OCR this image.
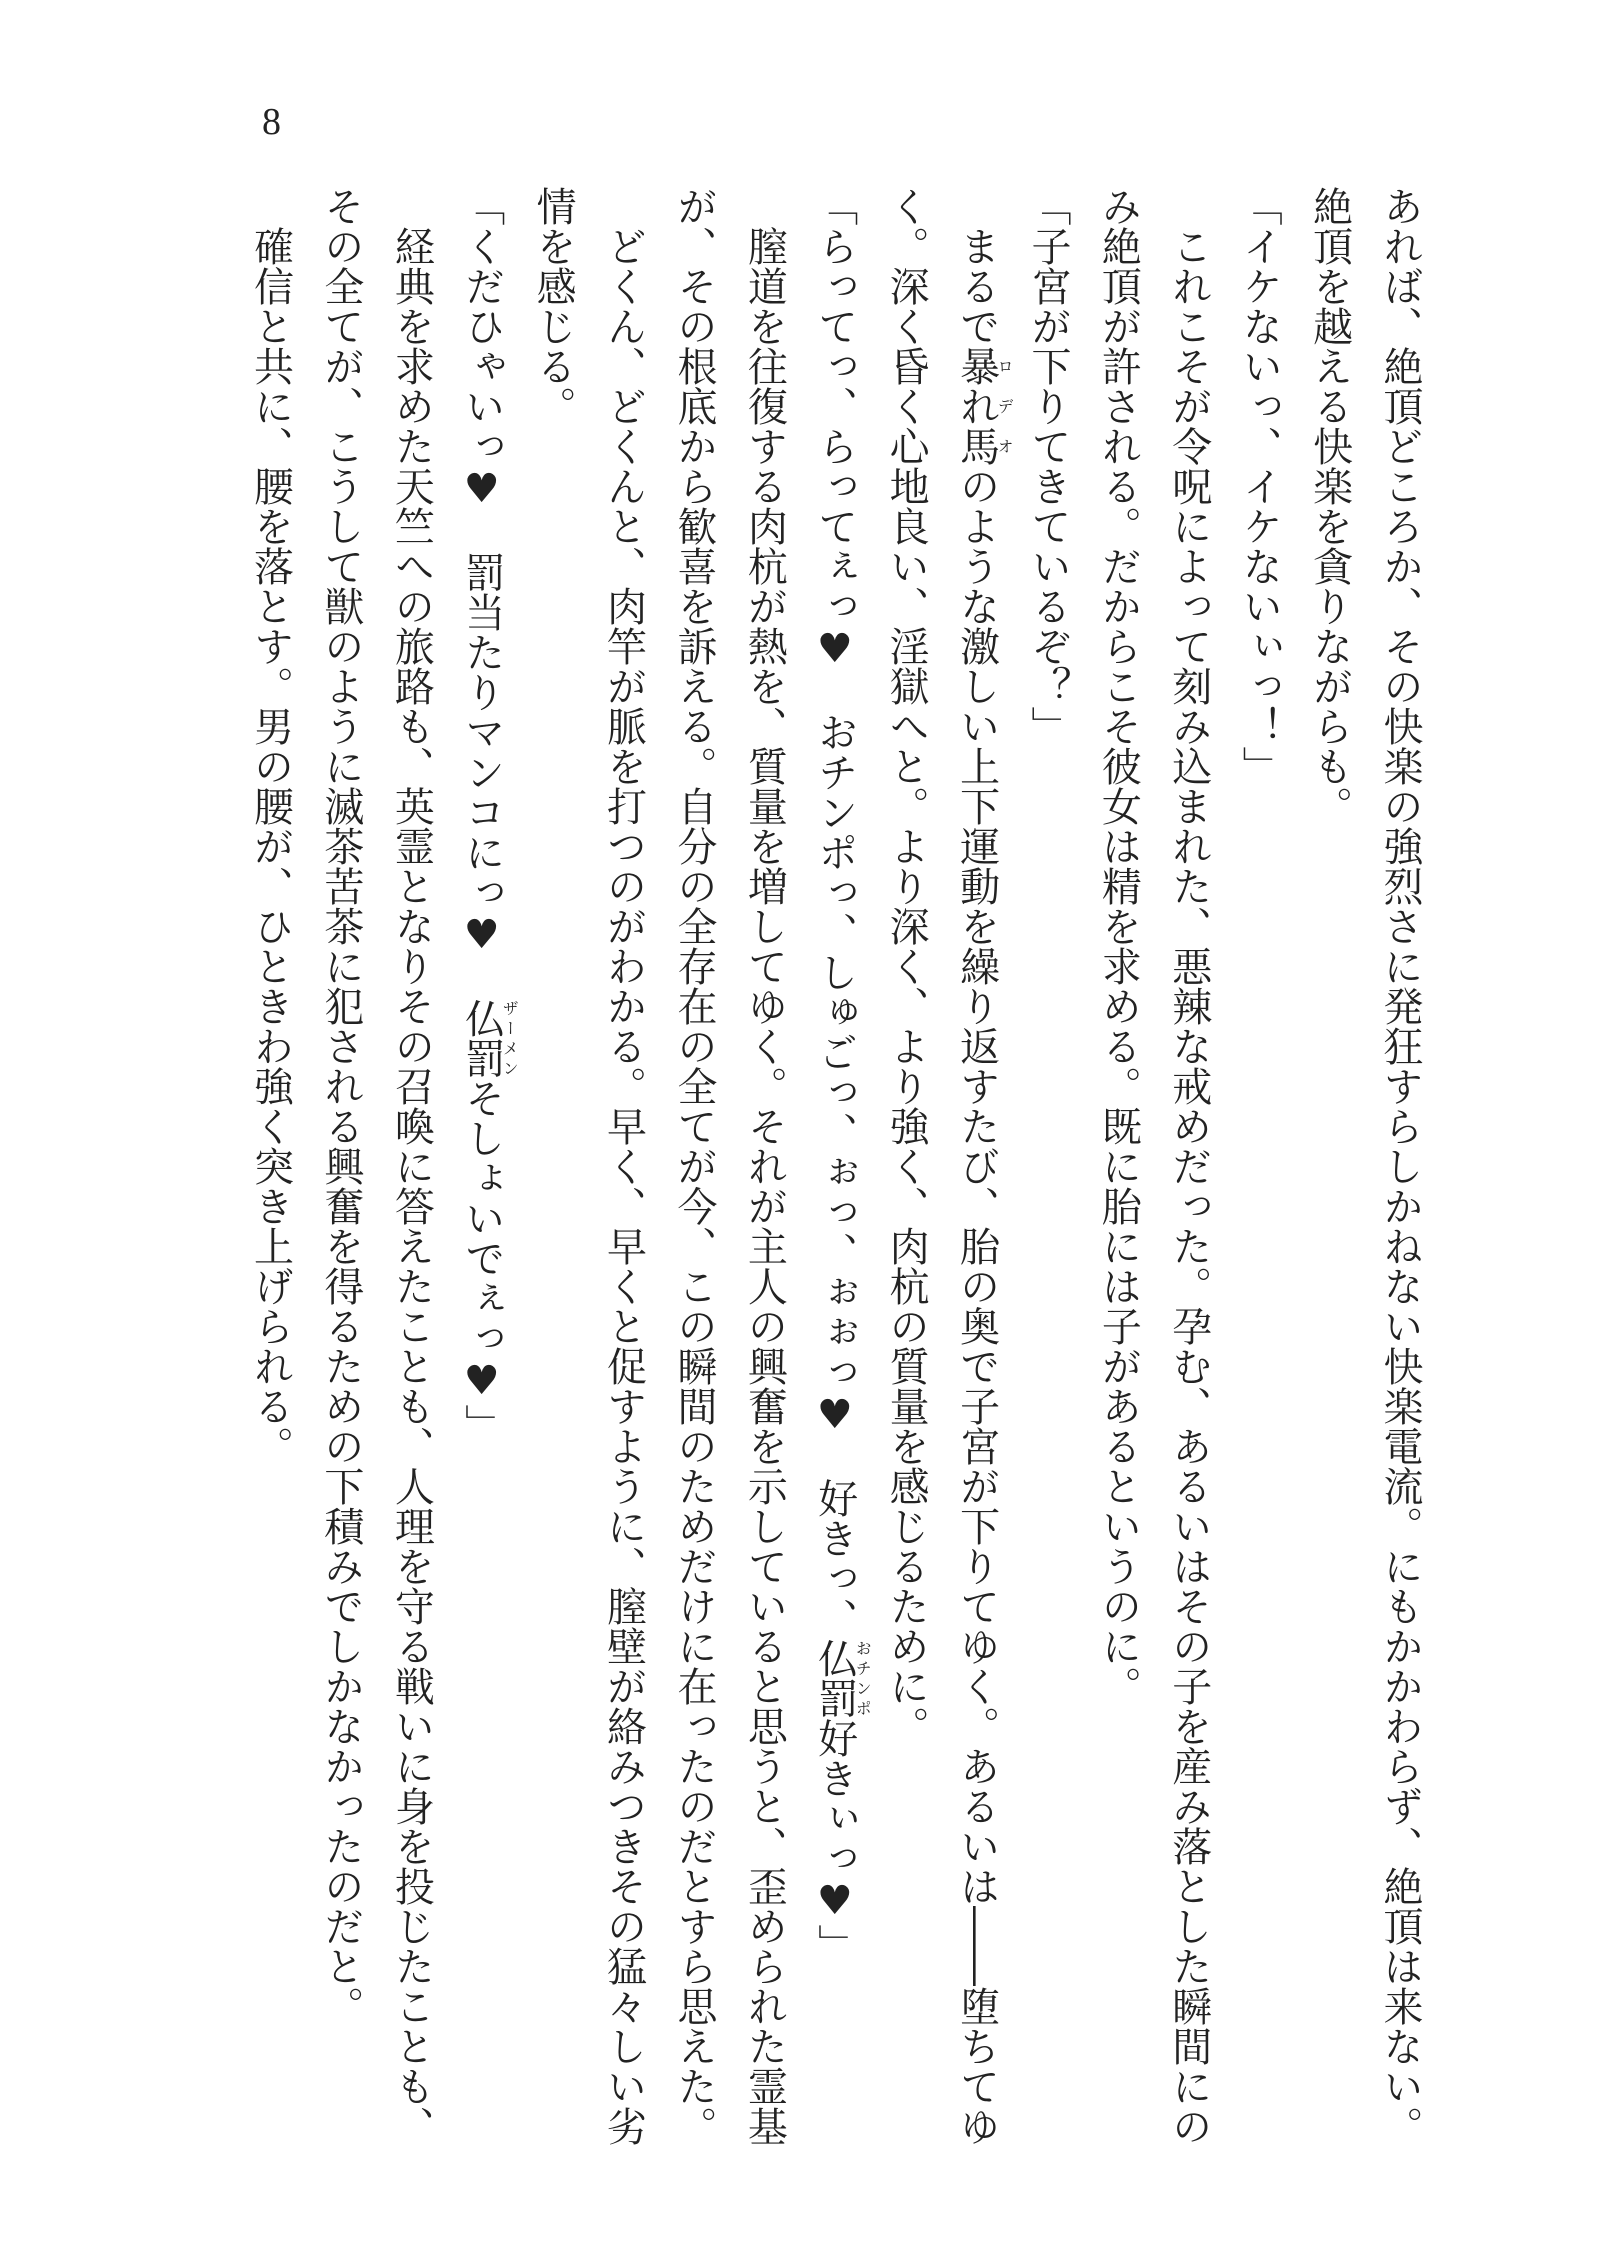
8
あれば、絶頂どころか、その快楽の強烈さに発狂すらしかねない快楽電流。にもかかわらず、絶頂は来ない。
絶頂を越える快楽を貪りながらも。
「イケないっ、イケないぃっ！」
　これこそが令呪によって刻み込まれた、悪辣な戒めだった。孕む、あるいはその子を産み落とした瞬間にの
み絶頂が許される。だからこそ彼女は精を求める。既に胎には子があるというのに。
「子宮が下りてきているぞ？」
　まるで暴れ馬ロデオのような激しい上下運動を繰り返すたび、胎の奥で子宮が下りてゆく。あるいは――堕ちてゆ
く。深く昏く心地良い、淫獄へと。より深く、より強く、肉杭の質量を感じるために。
「らってっ、らってぇっ♥　おチンポっ、しゅごっ、ぉっ、ぉぉっ♥　好きっ、仏罰おチンポ好きぃっ♥」
　膣道を往復する肉杭が熱を、質量を増してゆく。それが主人の興奮を示していると思うと、歪められた霊基
が、その根底から歓喜を訴える。自分の全存在の全てが今、この瞬間のためだけに在ったのだとすら思えた。
　どくん、どくんと、肉竿が脈を打つのがわかる。早く、早くと促すように、膣壁が絡みつきその猛々しい劣
情を感じる。
「くだひゃいっ♥　罰当たりマンコにっ♥　仏罰ザーメンそしょいでぇっ♥」
　経典を求めた天竺への旅路も、英霊となりその召喚に答えたことも、人理を守る戦いに身を投じたことも、
その全てが、こうして獣のように滅茶苦茶に犯される興奮を得るための下積みでしかなかったのだと。
　確信と共に、腰を落とす。男の腰が、ひときわ強く突き上げられる。
